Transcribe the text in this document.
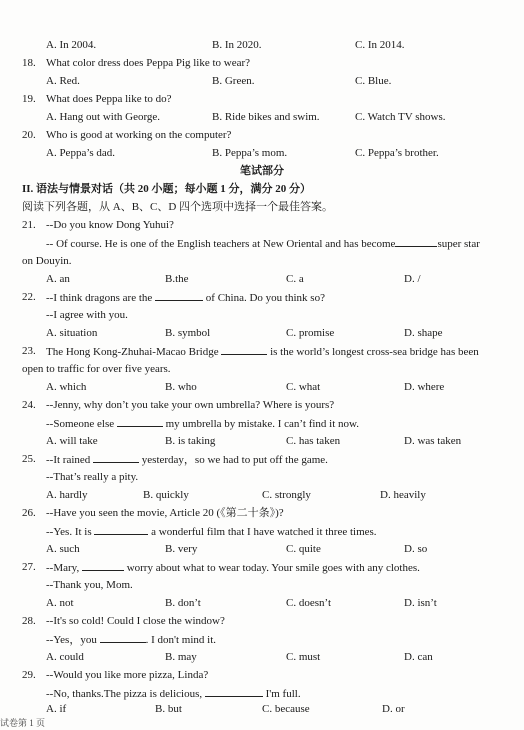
A. In 2004.	B. In 2020.	C. In 2014.
18. What color dress does Peppa Pig like to wear?
A. Red.	B. Green.	C. Blue.
19. What does Peppa like to do?
A. Hang out with George.	B. Ride bikes and swim.	C. Watch TV shows.
20. Who is good at working on the computer?
A. Peppa’s dad.	B. Peppa’s mom.	C. Peppa’s brother.
笔试部分
II. 语法与情景对话（共 20 小题；每小题 1 分，满分 20 分）
阅读下列各题，从 A、B、C、D 四个选项中选择一个最佳答案。
21. --Do you know Dong Yuhui?
-- Of course. He is one of the English teachers at New Oriental and has become	super star
on Douyin.
A. an	B.the	C. a	D. /
22. --I think dragons are the	of China. Do you think so?
--I agree with you.
A. situation	B. symbol	C. promise	D. shape
23. The Hong Kong-Zhuhai-Macao Bridge	is the world’s longest cross-sea bridge has been
open to traffic for over five years.
A. which	B. who	C. what	D. where
24. --Jenny, why don’t you take your own umbrella? Where is yours?
--Someone else	my umbrella by mistake. I can’t find it now.
A. will take	B. is taking	C. has taken	D. was taken
25. --It rained	yesterday，so we had to put off the game.
--That’s really a pity.
A. hardly	B. quickly	C. strongly	D. heavily
26. --Have you seen the movie, Article 20 (《第二十条》)?
--Yes. It is	a wonderful film that I have watched it three times.
A. such	B. very	C. quite	D. so
27. --Mary,	worry about what to wear today. Your smile goes with any clothes.
--Thank you, Mom.
A. not	B. don’t	C. doesn’t	D. isn’t
28. --It's so cold! Could I close the window?
--Yes，you	. I don't mind it.
A. could	B. may	C. must	D. can
29. --Would you like more pizza, Linda?
--No, thanks.The pizza is delicious,	I'm full.
A. if	B. but	C. because	D. or
试卷第 1 页
